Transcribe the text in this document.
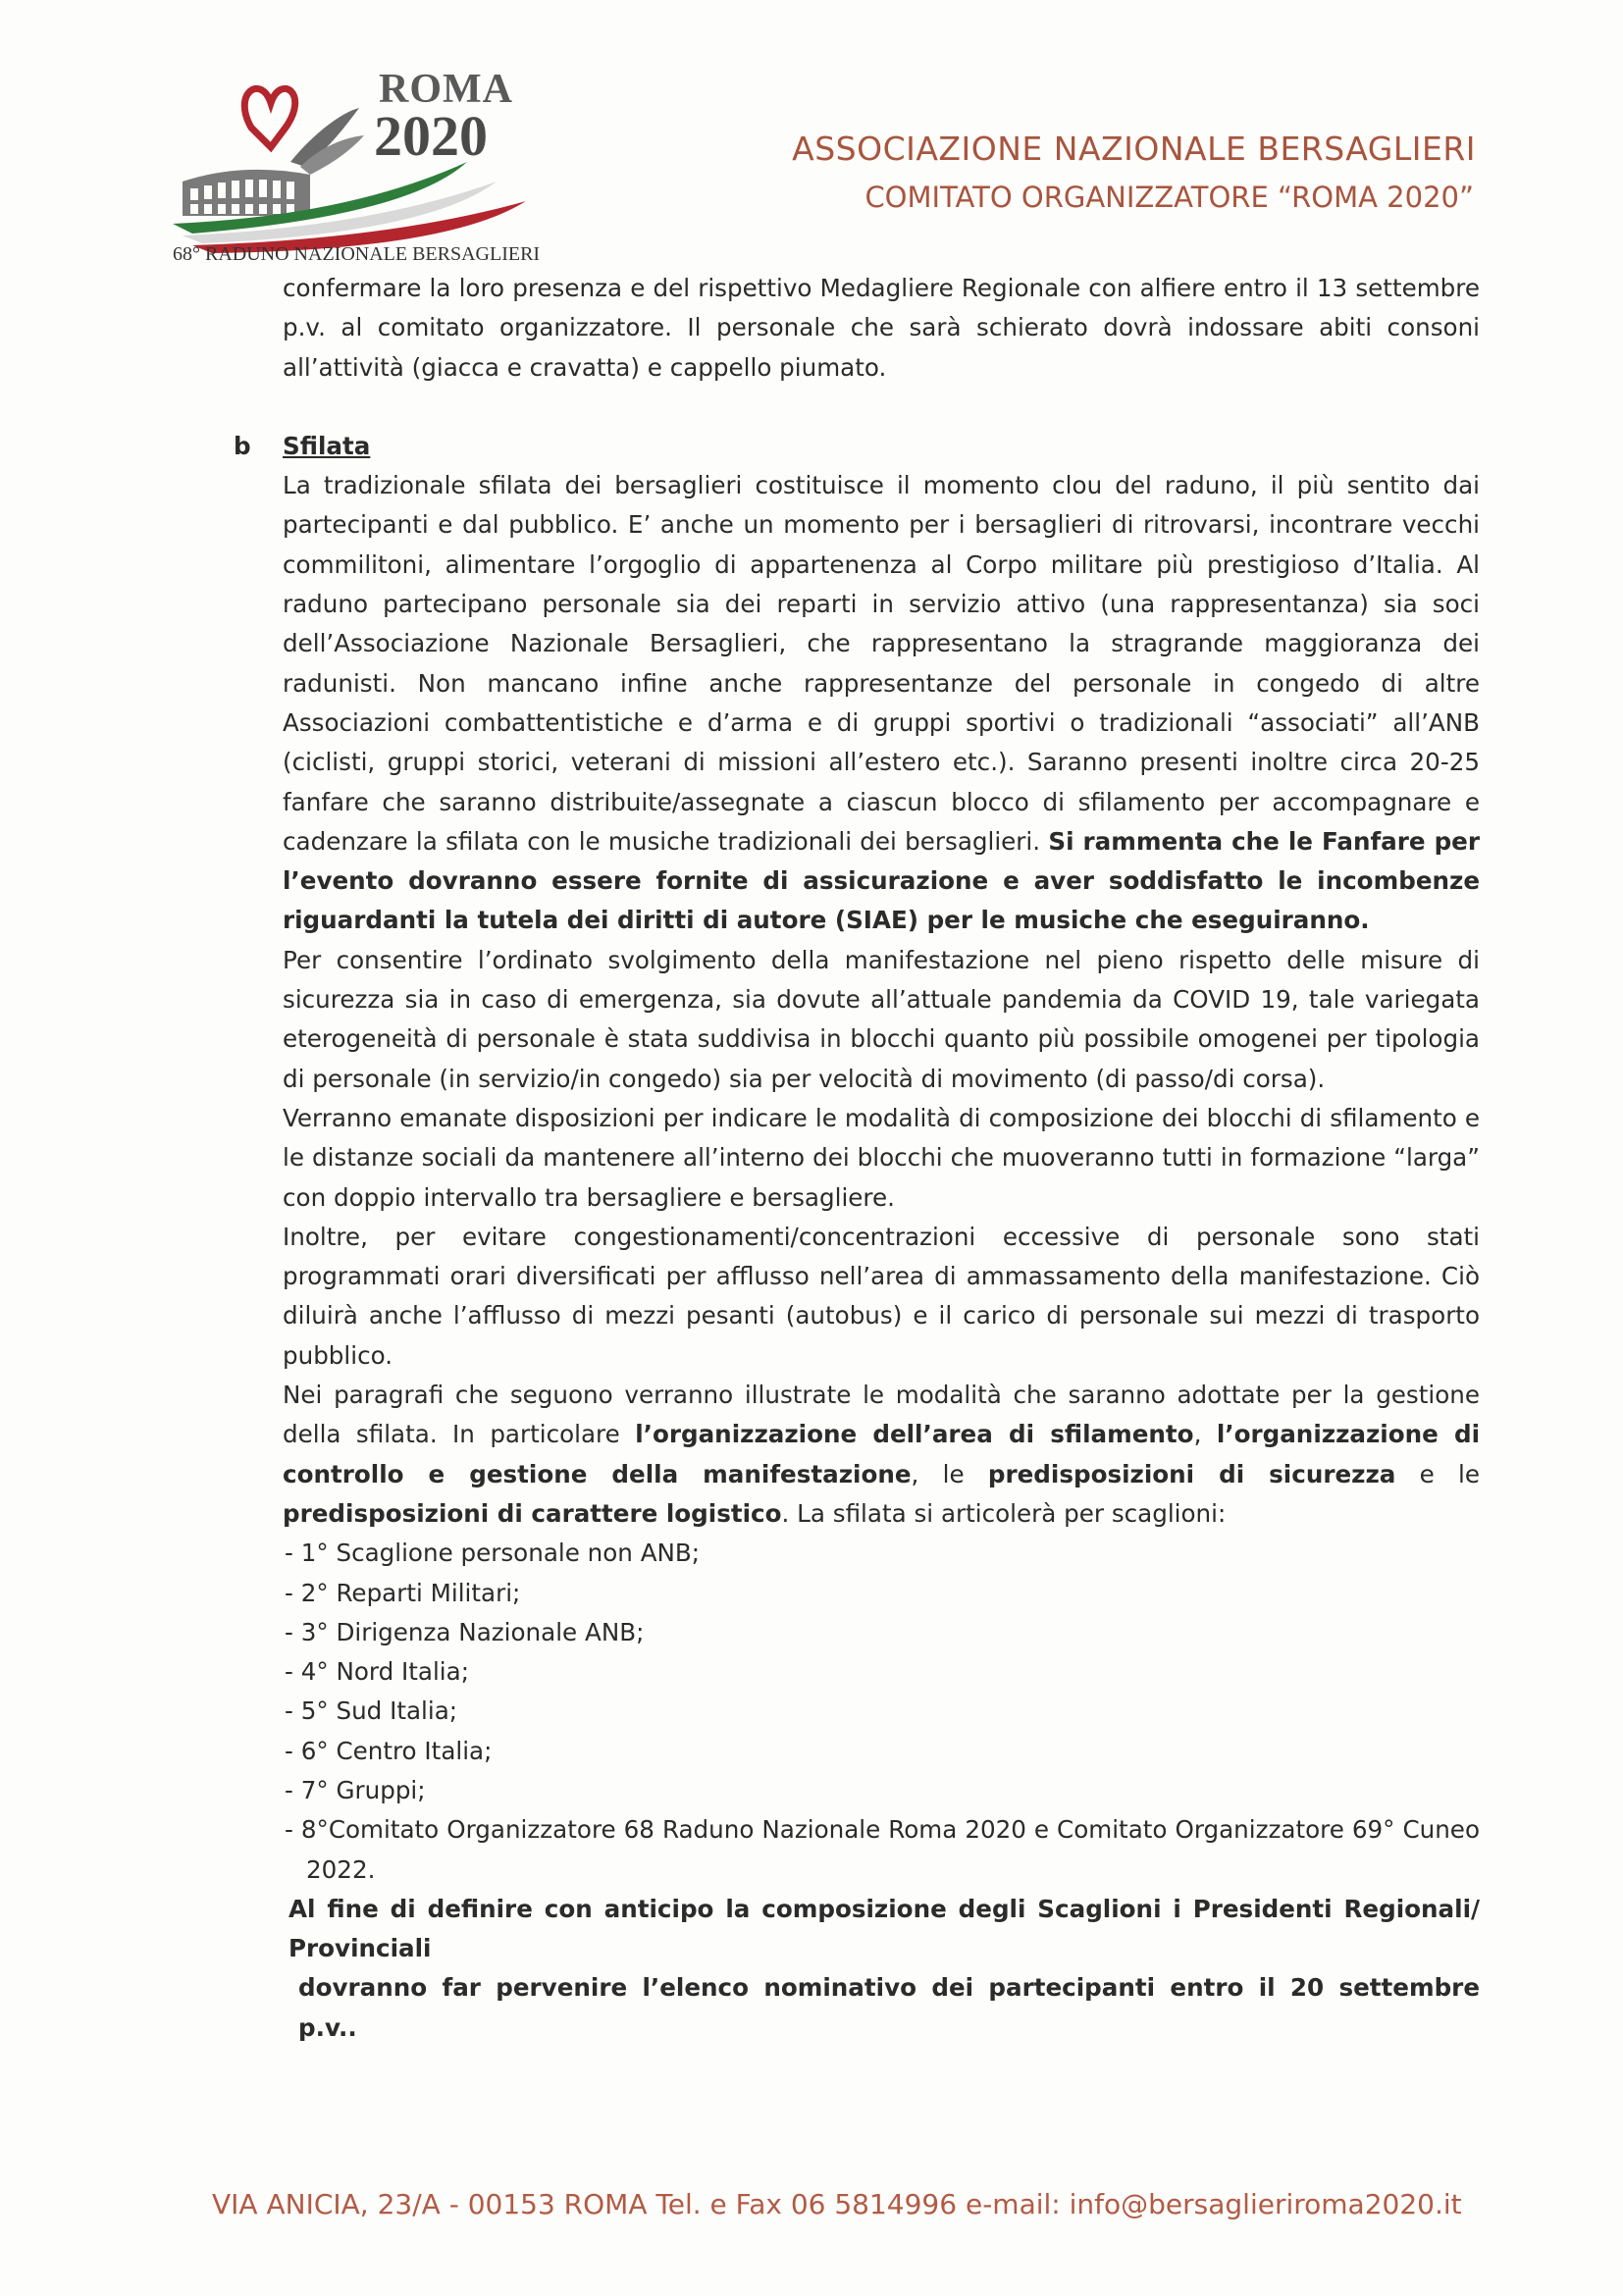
ROMA
2020
68° RADUNO NAZIONALE BERSAGLIERI
ASSOCIAZIONE NAZIONALE BERSAGLIERI
COMITATO ORGANIZZATORE “ROMA 2020”

confermare la loro presenza e del rispettivo Medagliere Regionale con alfiere entro il 13 settembre p.v. al comitato organizzatore. Il personale che sarà schierato dovrà indossare abiti consoni all’attività (giacca e cravatta) e cappello piumato.

b Sfilata

La tradizionale sfilata dei bersaglieri costituisce il momento clou del raduno, il più sentito dai partecipanti e dal pubblico. E’ anche un momento per i bersaglieri di ritrovarsi, incontrare vecchi commilitoni, alimentare l’orgoglio di appartenenza al Corpo militare più prestigioso d’Italia. Al raduno partecipano personale sia dei reparti in servizio attivo (una rappresentanza) sia soci dell’Associazione Nazionale Bersaglieri, che rappresentano la stragrande maggioranza dei radunisti. Non mancano infine anche rappresentanze del personale in congedo di altre Associazioni combattentistiche e d’arma e di gruppi sportivi o tradizionali “associati” all’ANB (ciclisti, gruppi storici, veterani di missioni all’estero etc.). Saranno presenti inoltre circa 20-25 fanfare che saranno distribuite/assegnate a ciascun blocco di sfilamento per accompagnare e cadenzare la sfilata con le musiche tradizionali dei bersaglieri. Si rammenta che le Fanfare per l’evento dovranno essere fornite di assicurazione e aver soddisfatto le incombenze riguardanti la tutela dei diritti di autore (SIAE) per le musiche che eseguiranno.

Per consentire l’ordinato svolgimento della manifestazione nel pieno rispetto delle misure di sicurezza sia in caso di emergenza, sia dovute all’attuale pandemia da COVID 19, tale variegata eterogeneità di personale è stata suddivisa in blocchi quanto più possibile omogenei per tipologia di personale (in servizio/in congedo) sia per velocità di movimento (di passo/di corsa).

Verranno emanate disposizioni per indicare le modalità di composizione dei blocchi di sfilamento e le distanze sociali da mantenere all’interno dei blocchi che muoveranno tutti in formazione “larga” con doppio intervallo tra bersagliere e bersagliere.

Inoltre, per evitare congestionamenti/concentrazioni eccessive di personale sono stati programmati orari diversificati per afflusso nell’area di ammassamento della manifestazione. Ciò diluirà anche l’afflusso di mezzi pesanti (autobus) e il carico di personale sui mezzi di trasporto pubblico.

Nei paragrafi che seguono verranno illustrate le modalità che saranno adottate per la gestione della sfilata. In particolare l’organizzazione dell’area di sfilamento, l’organizzazione di controllo e gestione della manifestazione, le predisposizioni di sicurezza e le predisposizioni di carattere logistico. La sfilata si articolerà per scaglioni:

- 1° Scaglione personale non ANB;
- 2° Reparti Militari;
- 3° Dirigenza Nazionale ANB;
- 4° Nord Italia;
- 5° Sud Italia;
- 6° Centro Italia;
- 7° Gruppi;
- 8°Comitato Organizzatore 68 Raduno Nazionale Roma 2020 e Comitato Organizzatore 69° Cuneo 2022.

Al fine di definire con anticipo la composizione degli Scaglioni i Presidenti Regionali/ Provinciali
dovranno far pervenire l’elenco nominativo dei partecipanti entro il 20 settembre p.v..

VIA ANICIA, 23/A - 00153 ROMA Tel. e Fax 06 5814996 e-mail: info@bersaglieriroma2020.it
